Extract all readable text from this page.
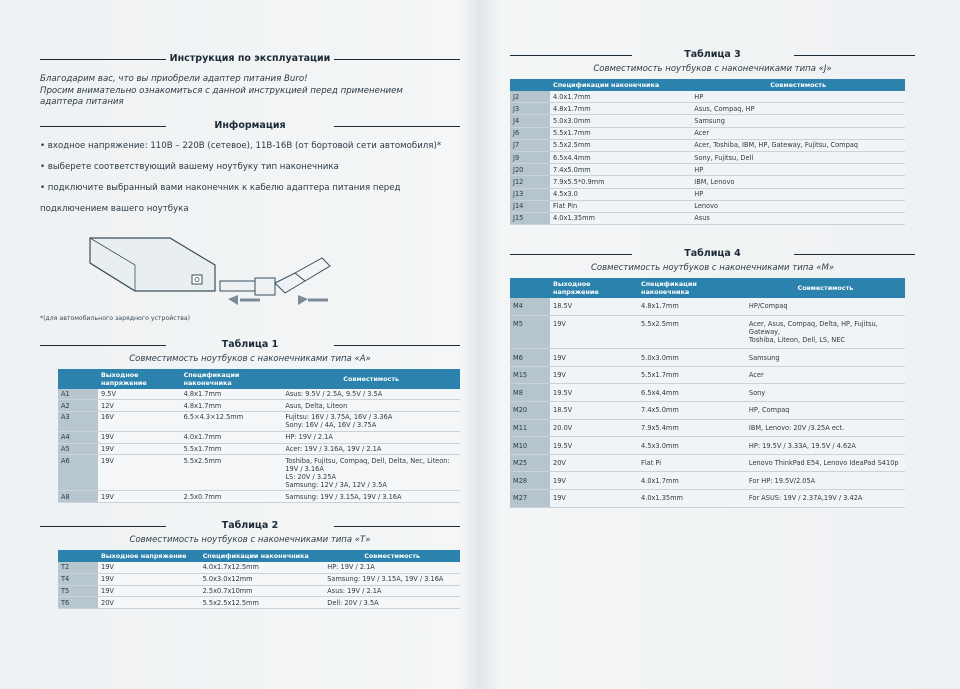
Инструкция по эксплуатации
Благодарим вас, что вы приобрели адаптер питания Buro!
Просим внимательно ознакомиться с данной инструкцией перед применением
адаптера питания
Информация
• входное напряжение: 110В – 220В (сетевое), 11В-16В (от бортовой сети автомобиля)*
• выберете соответствующий вашему ноутбуку тип наконечника
• подключите выбранный вами наконечник к кабелю адаптера питания перед
подключением вашего ноутбука
*(для автомобильного зарядного устройства)
Таблица 1
Совместимость ноутбуков с наконечниками типа «A»
	Выходное напряжение	Спецификации наконечника	Совместимость
A1	9.5V	4.8x1.7mm	Asus: 9.5V / 2.5A, 9.5V / 3.5A
A2	12V	4.8x1.7mm	Asus, Delta, Liteon
A3	16V	6.5×4.3×12.5mm	Fujitsu: 16V / 3.75A, 16V / 3.36A
Sony: 16V / 4A, 16V / 3.75A
A4	19V	4.0x1.7mm	HP: 19V / 2.1A
A5	19V	5.5x1.7mm	Acer: 19V / 3.16A, 19V / 2.1A
A6	19V	5.5x2.5mm	Toshiba, Fujitsu, Compaq, Dell, Delta, Nec, Liteon: 19V / 3.16A
LS: 20V / 3.25A
Samsung: 12V / 3A, 12V / 3.5A
A8	19V	2.5x0.7mm	Samsung: 19V / 3.15A, 19V / 3.16A
Таблица 2
Совместимость ноутбуков с наконечниками типа «T»
	Выходное напряжение	Спецификации наконечника	Совместимость
T2	19V	4.0x1.7x12.5mm	HP: 19V / 2.1A
T4	19V	5.0x3.0x12mm	Samsung: 19V / 3.15A, 19V / 3.16A
T5	19V	2.5x0.7x10mm	Asus: 19V / 2.1A
T6	20V	5.5x2.5x12.5mm	Dell: 20V / 3.5A
Таблица 3
Совместимость ноутбуков с наконечниками типа «J»
	Спецификации наконечника	Совместимость
J2	4.0x1.7mm	HP
J3	4.8x1.7mm	Asus, Compaq, HP
J4	5.0x3.0mm	Samsung
J6	5.5x1.7mm	Acer
J7	5.5x2.5mm	Acer, Toshiba, IBM, HP, Gateway, Fujitsu, Compaq
J9	6.5x4.4mm	Sony, Fujitsu, Dell
J20	7.4x5.0mm	HP
J12	7.9x5.5*0.9mm	IBM, Lenovo
J13	4.5x3.0	HP
J14	Flat Pin	Lenovo
J15	4.0x1.35mm	Asus
Таблица 4
Совместимость ноутбуков с наконечниками типа «M»
	Выходное напряжение	Спецификации наконечника	Совместимость
M4	18.5V	4.8x1.7mm	HP/Compaq
M5	19V	5.5x2.5mm	Acer, Asus, Compaq, Delta, HP, Fujitsu, Gateway,
Toshiba, Liteon, Dell, LS, NEC
M6	19V	5.0x3.0mm	Samsung
M15	19V	5.5x1.7mm	Acer
M8	19.5V	6.5x4.4mm	Sony
M20	18.5V	7.4x5.0mm	HP, Compaq
M11	20.0V	7.9x5.4mm	IBM, Lenovo: 20V /3.25A ect.
M10	19.5V	4.5x3.0mm	HP: 19.5V / 3.33A, 19.5V / 4.62A
M25	20V	Flat Pi	Lenovo ThinkPad E54, Lenovo IdeaPad S410p
M28	19V	4.0x1.7mm	For HP: 19.5V/2.05A
M27	19V	4.0x1.35mm	For ASUS: 19V / 2.37A,19V / 3.42A
